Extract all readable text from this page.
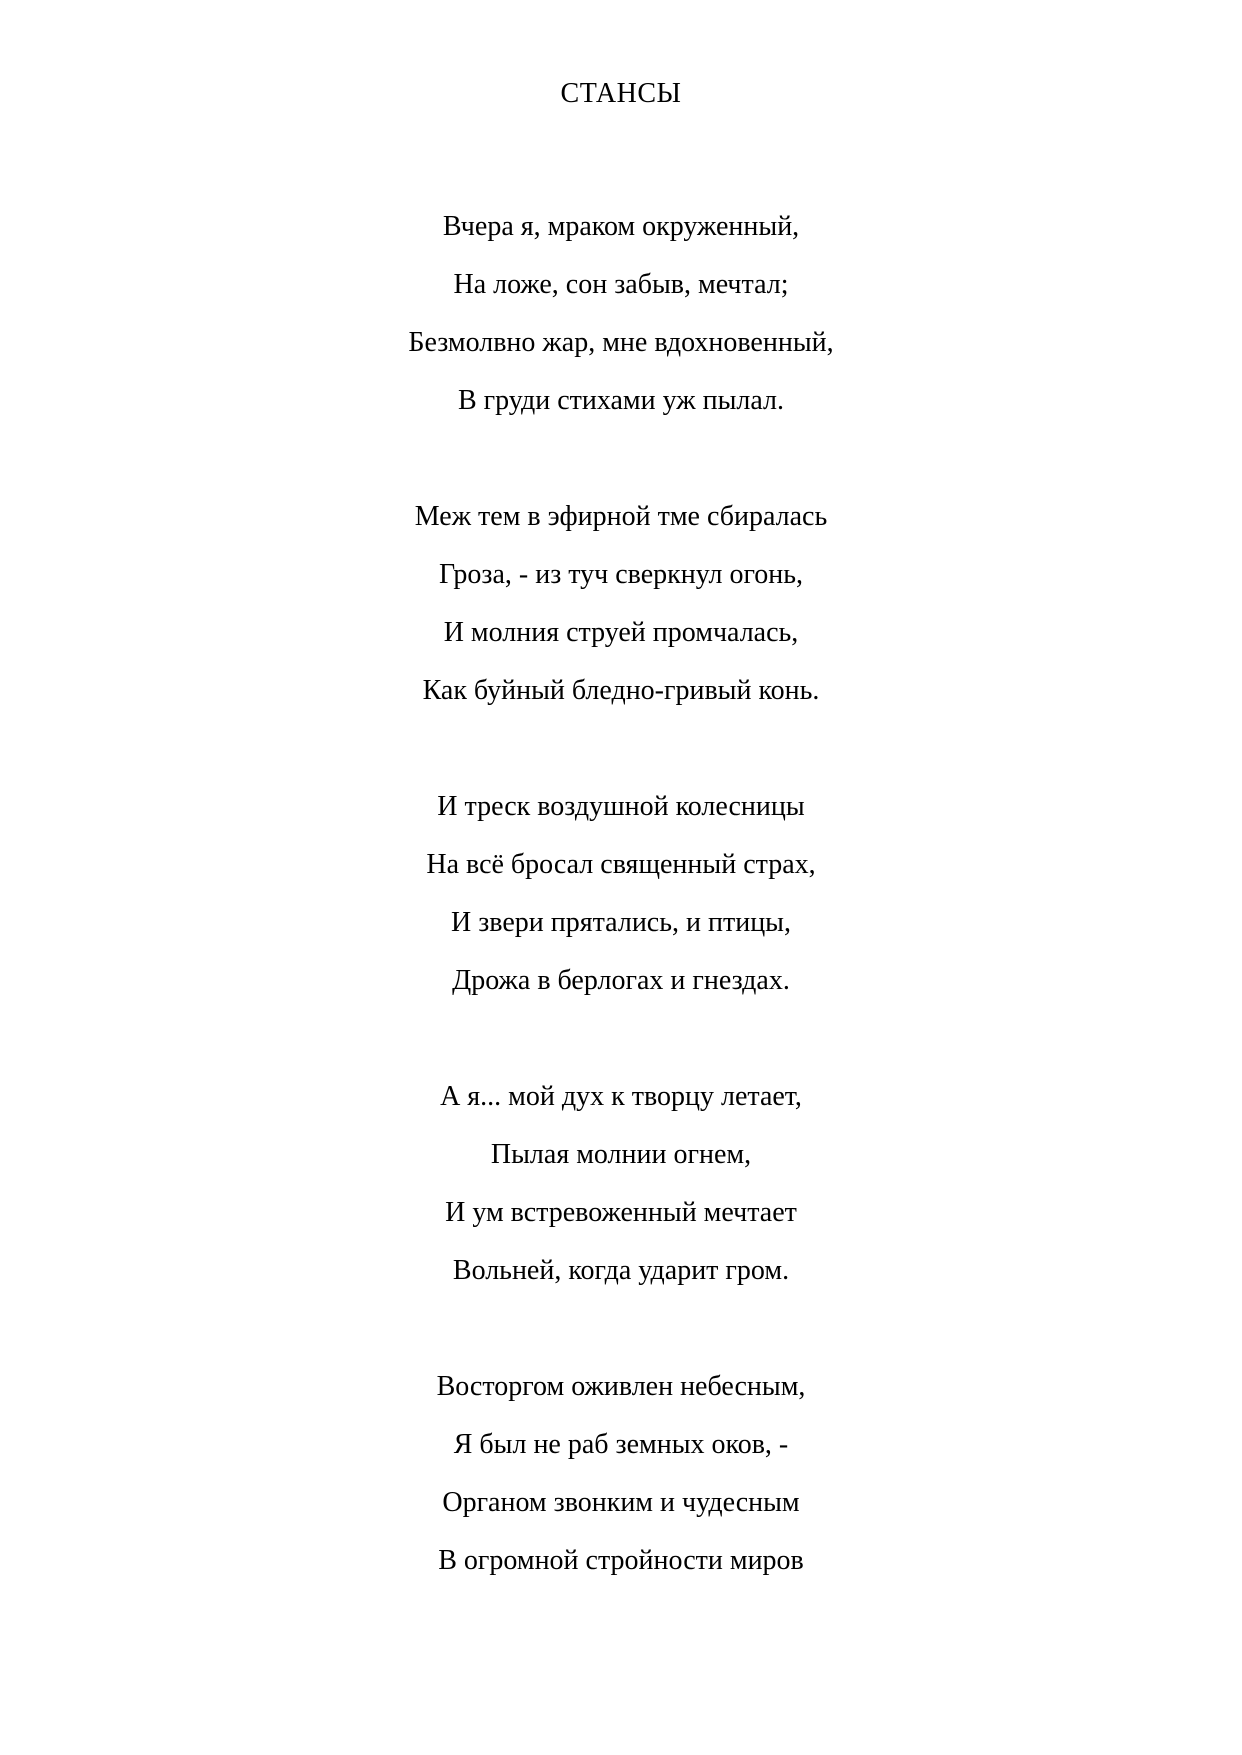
СТАНСЫ
Вчера я, мраком окруженный,
На ложе, сон забыв, мечтал;
Безмолвно жар, мне вдохновенный,
В груди стихами уж пылал.
Меж тем в эфирной тме сбиралась
Гроза, - из туч сверкнул огонь,
И молния струей промчалась,
Как буйный бледно-гривый конь.
И треск воздушной колесницы
На всё бросал священный страх,
И звери прятались, и птицы,
Дрожа в берлогах и гнездах.
А я... мой дух к творцу летает,
Пылая молнии огнем,
И ум встревоженный мечтает
Вольней, когда ударит гром.
Восторгом оживлен небесным,
Я был не раб земных оков, -
Органом звонким и чудесным
В огромной стройности миров
